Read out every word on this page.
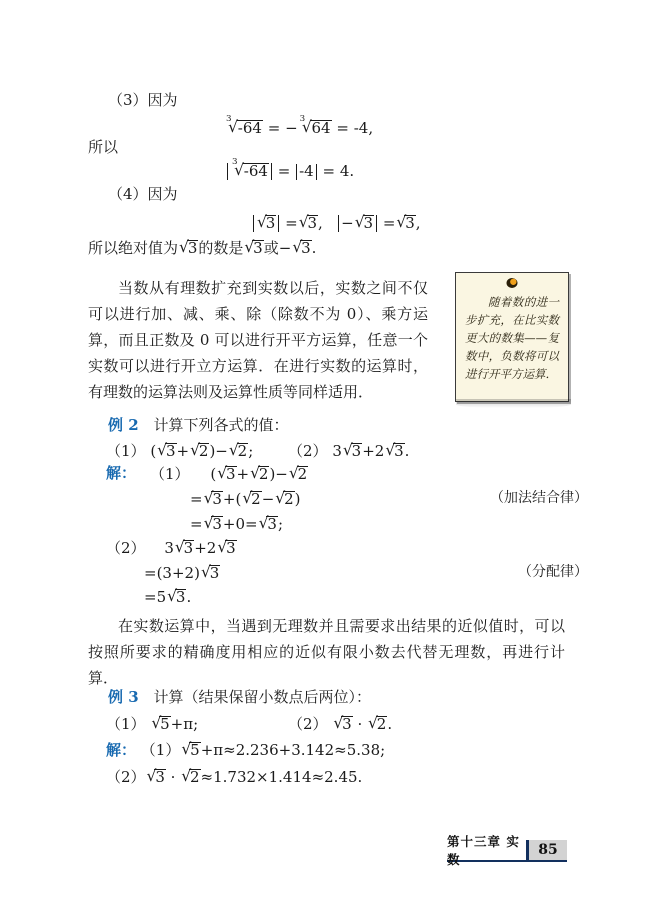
（3）因为
√ 3 -64 = − √ 3 64 = -4,
所以
√ 3 -64 = -4 = 4.
（4）因为
√ 3 = √ 3, − √ 3 = √ 3,
所以绝对值为 √ 3的数是 √ 3或− √ 3.
当数从有理数扩充到实数以后，实数之间不仅可以进行加、减、乘、除（除数不为 0）、乘方运算，而且正数及 0 可以进行开平方运算，任意一个实数可以进行开立方运算．在进行实数的运算时，有理数的运算法则及运算性质等同样适用．
随着数的进一步扩充，在比实数更大的数集——复数中，负数将可以进行开平方运算．
例 2 计算下列各式的值：
（1） ( √ 3+ √ 2)− √ 2; （2） 3 √ 3+2 √ 3.
解： （1） ( √ 3+ √ 2)− √ 2
= √ 3+( √ 2− √ 2)
= √ 3+0= √ 3;
（2） 3 √ 3+2 √ 3
=(3+2) √ 3
=5 √ 3.
（加法结合律）
（分配律）
在实数运算中，当遇到无理数并且需要求出结果的近似值时，可以按照所要求的精确度用相应的近似有限小数去代替无理数，再进行计算．
例 3 计算（结果保留小数点后两位）：
（1） √ 5+π;	（2） √ 3 · √ 2.
解： （1） √ 5+π≈2.236+3.142≈5.38;
（2） √ 3 · √ 2≈1.732×1.414≈2.45.
第十三章 实 数
85
